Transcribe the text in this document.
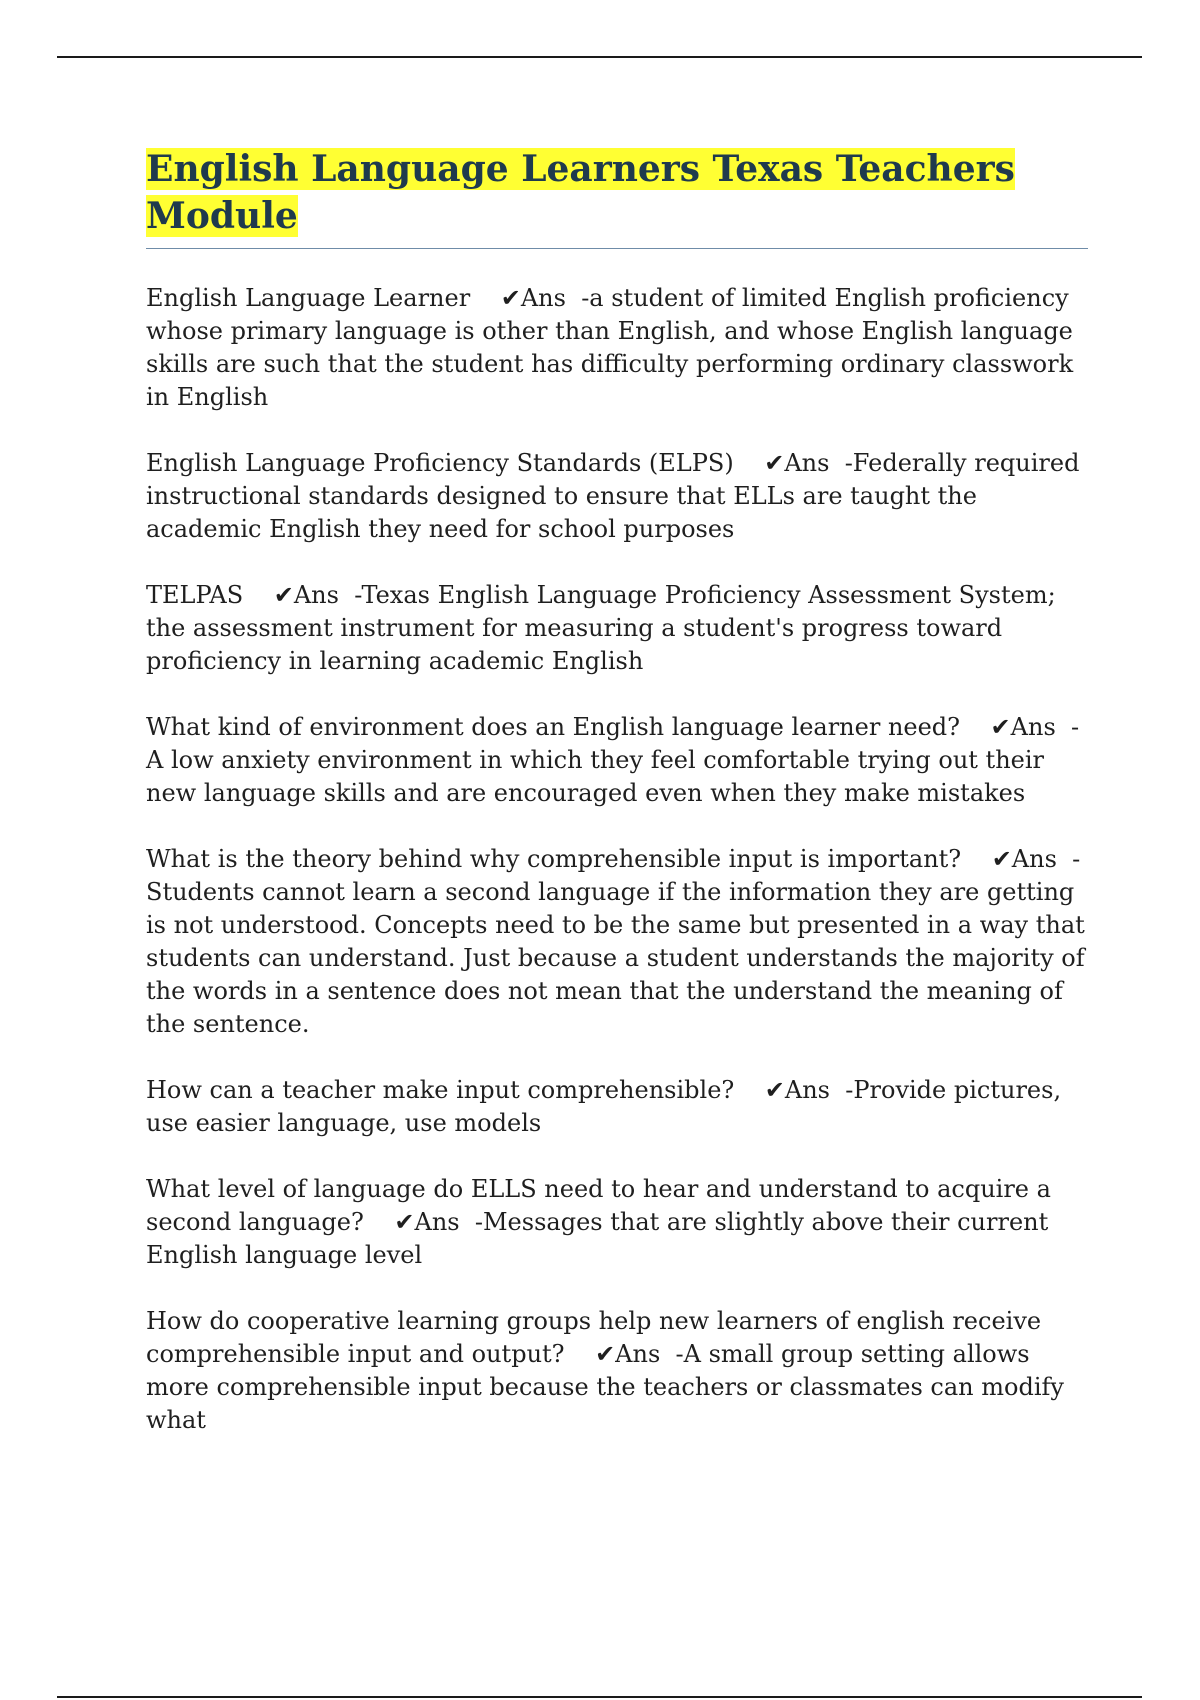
English Language Learners Texas Teachers Module

English Language Learner ✔Ans -a student of limited English proficiency whose primary language is other than English, and whose English language skills are such that the student has difficulty performing ordinary classwork in English

English Language Proficiency Standards (ELPS) ✔Ans -Federally required instructional standards designed to ensure that ELLs are taught the academic English they need for school purposes

TELPAS ✔Ans -Texas English Language Proficiency Assessment System; the assessment instrument for measuring a student's progress toward proficiency in learning academic English

What kind of environment does an English language learner need? ✔Ans -A low anxiety environment in which they feel comfortable trying out their new language skills and are encouraged even when they make mistakes

What is the theory behind why comprehensible input is important? ✔Ans -Students cannot learn a second language if the information they are getting is not understood. Concepts need to be the same but presented in a way that students can understand. Just because a student understands the majority of the words in a sentence does not mean that the understand the meaning of the sentence.

How can a teacher make input comprehensible? ✔Ans -Provide pictures, use easier language, use models

What level of language do ELLS need to hear and understand to acquire a second language? ✔Ans -Messages that are slightly above their current English language level

How do cooperative learning groups help new learners of english receive comprehensible input and output? ✔Ans -A small group setting allows more comprehensible input because the teachers or classmates can modify what
